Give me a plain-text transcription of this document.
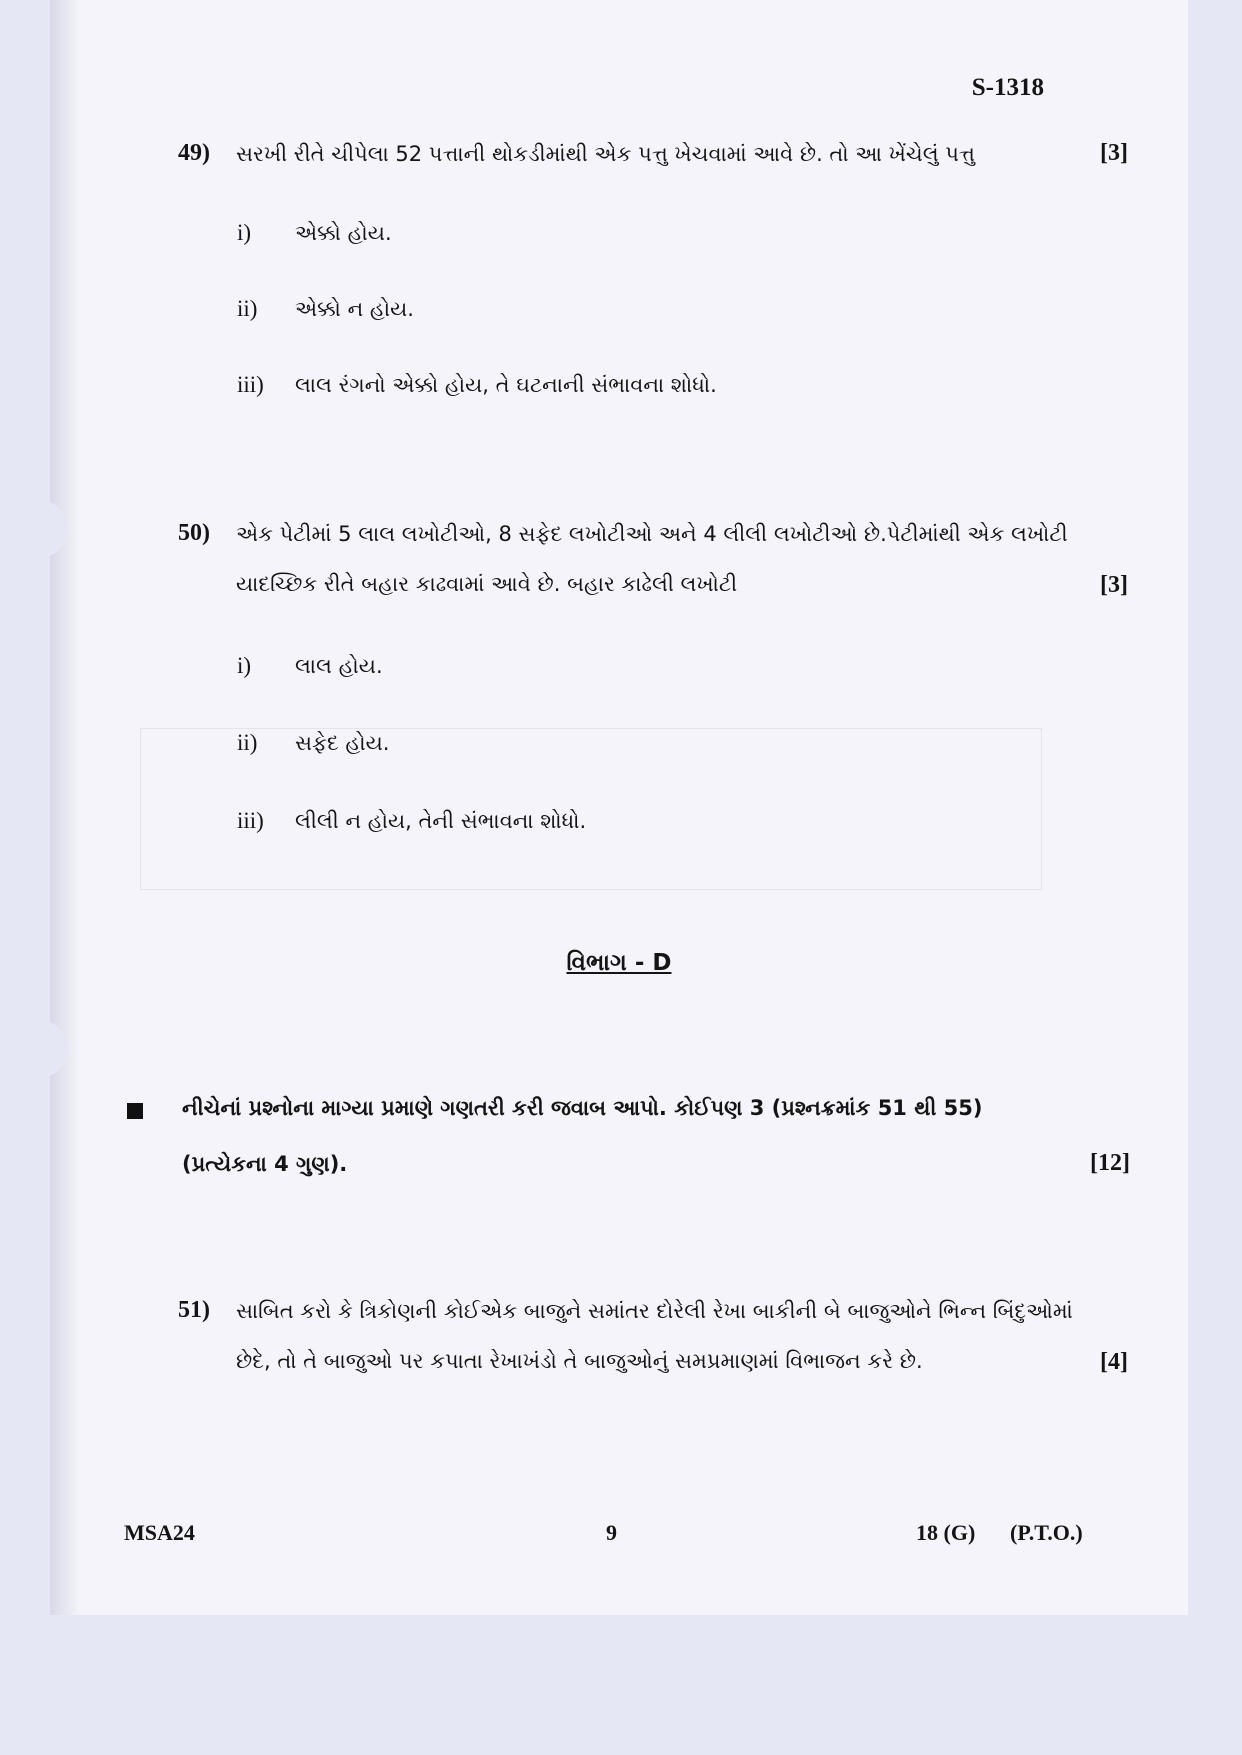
S-1318
49) સરખી રીતે ચીપેલા 52 પત્તાની થોકડીમાંથી એક પત્તુ ખેચવામાં આવે છે. તો આ ખેંચેલું પત્તુ	[3]
i) એક્કો હોય.
ii) એક્કો ન હોય.
iii) લાલ રંગનો એક્કો હોય, તે ઘટનાની સંભાવના શોધો.
50) એક પેટીમાં 5 લાલ લખોટીઓ, 8 સફેદ લખોટીઓ અને 4 લીલી લખોટીઓ છે.પેટીમાંથી એક લખોટી
યાદચ્છિક રીતે બહાર કાઢવામાં આવે છે. બહાર કાઢેલી લખોટી	[3]
i) લાલ હોય.
ii) સફેદ હોય.
iii) લીલી ન હોય, તેની સંભાવના શોધો.
વિભાગ - D
નીચેનાં પ્રશ્નોના માગ્યા પ્રમાણે ગણતરી કરી જવાબ આપો. કોઈપણ 3 (પ્રશ્નક્રમાંક 51 થી 55)
(પ્રત્યેકના 4 ગુણ).	[12]
51) સાબિત કરો કે ત્રિકોણની કોઈએક બાજુને સમાંતર દોરેલી રેખા બાકીની બે બાજુઓને ભિન્ન બિંદુઓમાં
છેદે, તો તે બાજુઓ પર કપાતા રેખાખંડો તે બાજુઓનું સમપ્રમાણમાં વિભાજન કરે છે.	[4]
MSA24	9	18 (G) (P.T.O.)
